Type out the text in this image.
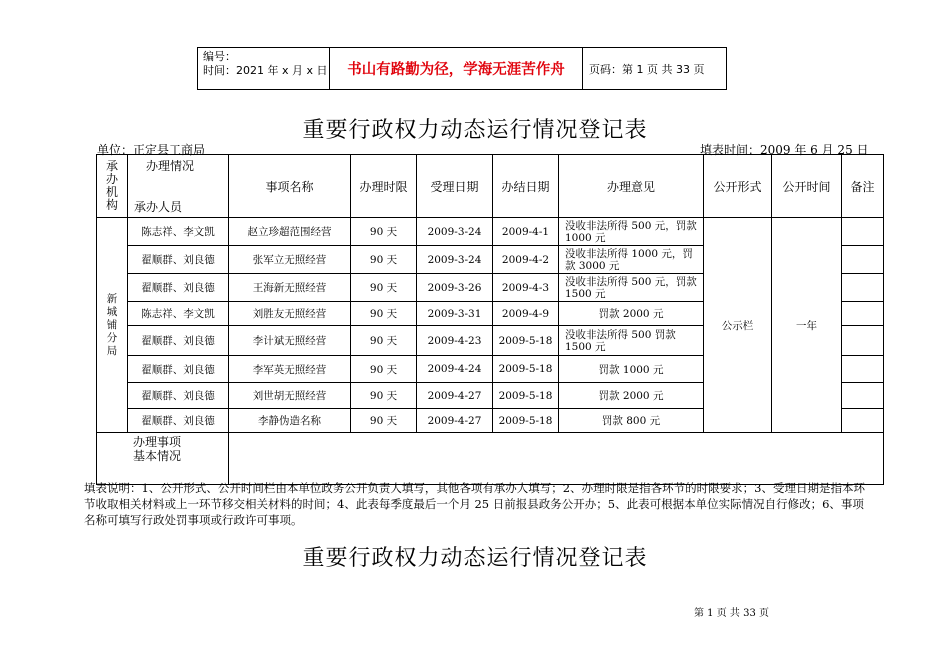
编号：
时间：2021 年 x 月 x 日	书山有路勤为径，学海无涯苦作舟	页码：第 1 页 共 33 页
重要行政权力动态运行情况登记表
单位：正定县工商局	填表时间：2009 年 6 月 25 日
承
办
机
构	办理情况
承办人员	事项名称	办理时限	受理日期	办结日期	办理意见	公开形式	公开时间	备注
新
城
铺
分
局	陈志祥、李文凯	赵立珍超范围经营	90 天	2009-3-24	2009-4-1	没收非法所得 500 元，罚款 1000 元	公示栏	一年	
	翟顺群、刘良德	张军立无照经营	90 天	2009-3-24	2009-4-2	没收非法所得 1000 元，罚款 3000 元			
	翟顺群、刘良德	王海新无照经营	90 天	2009-3-26	2009-4-3	没收非法所得 500 元，罚款 1500 元			
	陈志祥、李文凯	刘胜友无照经营	90 天	2009-3-31	2009-4-9	罚款 2000 元			
	翟顺群、刘良德	李计斌无照经营	90 天	2009-4-23	2009-5-18	没收非法所得 500 罚款 1500 元			
	翟顺群、刘良德	李军英无照经营	90 天	2009-4-24	2009-5-18	罚款 1000 元			
	翟顺群、刘良德	刘世胡无照经营	90 天	2009-4-27	2009-5-18	罚款 2000 元			
	翟顺群、刘良德	李静伪造名称	90 天	2009-4-27	2009-5-18	罚款 800 元			
办理事项
基本情况									
填表说明：1、公开形式、公开时间栏由本单位政务公开负责人填写，其他各项有承办人填写；2、办理时限是指各环节的时限要求；3、受理日期是指本环节收取相关材料或上一环节移交相关材料的时间；4、此表每季度最后一个月 25 日前报县政务公开办；5、此表可根据本单位实际情况自行修改；6、事项名称可填写行政处罚事项或行政许可事项。
重要行政权力动态运行情况登记表
第 1 页 共 33 页
